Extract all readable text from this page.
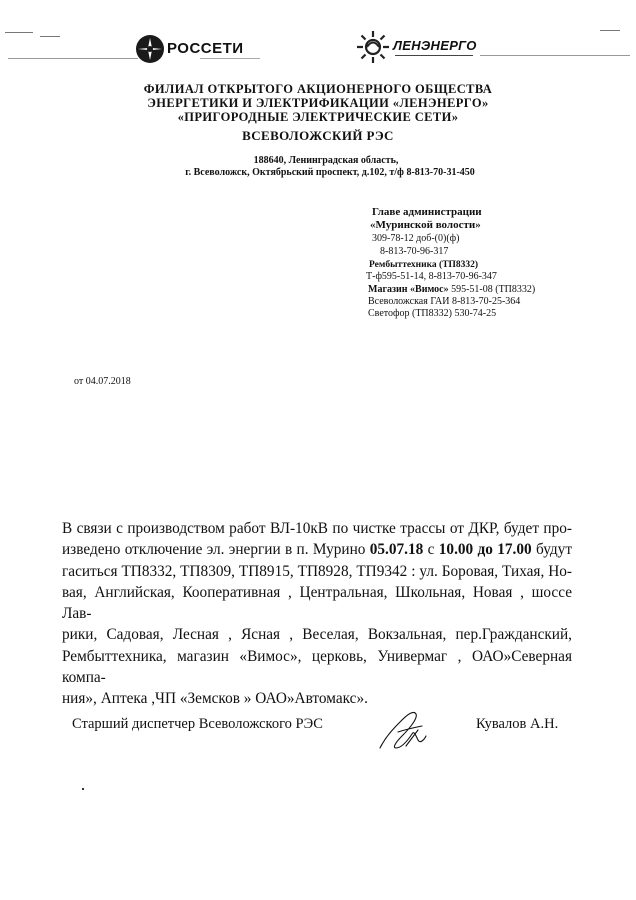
РОССЕТИ	ЛЕНЭНЕРГО
ФИЛИАЛ ОТКРЫТОГО АКЦИОНЕРНОГО ОБЩЕСТВА
ЭНЕРГЕТИКИ И ЭЛЕКТРИФИКАЦИИ «ЛЕНЭНЕРГО»
«ПРИГОРОДНЫЕ ЭЛЕКТРИЧЕСКИЕ СЕТИ»
ВСЕВОЛОЖСКИЙ РЭС
188640, Ленинградская область,
г. Всеволожск, Октябрьский проспект, д.102, т/ф 8-813-70-31-450
Главе администрации
«Муринской волости»
309-78-12 доб-(0)(ф)
8-813-70-96-317
Рембыттехника (ТП8332)
Т-ф595-51-14, 8-813-70-96-347
Магазин «Вимос» 595-51-08 (ТП8332)
Всеволожская ГАИ 8-813-70-25-364
Светофор (ТП8332) 530-74-25
от 04.07.2018
В связи с производством работ ВЛ-10кВ по чистке трассы от ДКР, будет про-
изведено отключение эл. энергии в п. Мурино 05.07.18 с 10.00 до 17.00 будут
гаситься ТП8332, ТП8309, ТП8915, ТП8928, ТП9342 : ул. Боровая, Тихая, Но-
вая, Английская, Кооперативная , Центральная, Школьная, Новая , шоссе Лав-
рики, Садовая, Лесная , Ясная , Веселая, Вокзальная, пер.Гражданский,
Рембыттехника, магазин «Вимос», церковь, Универмаг , ОАО»Северная компа-
ния», Аптека ,ЧП «Земсков » ОАО»Автомакс».
Старший диспетчер Всеволожского РЭС	Кувалов А.Н.
